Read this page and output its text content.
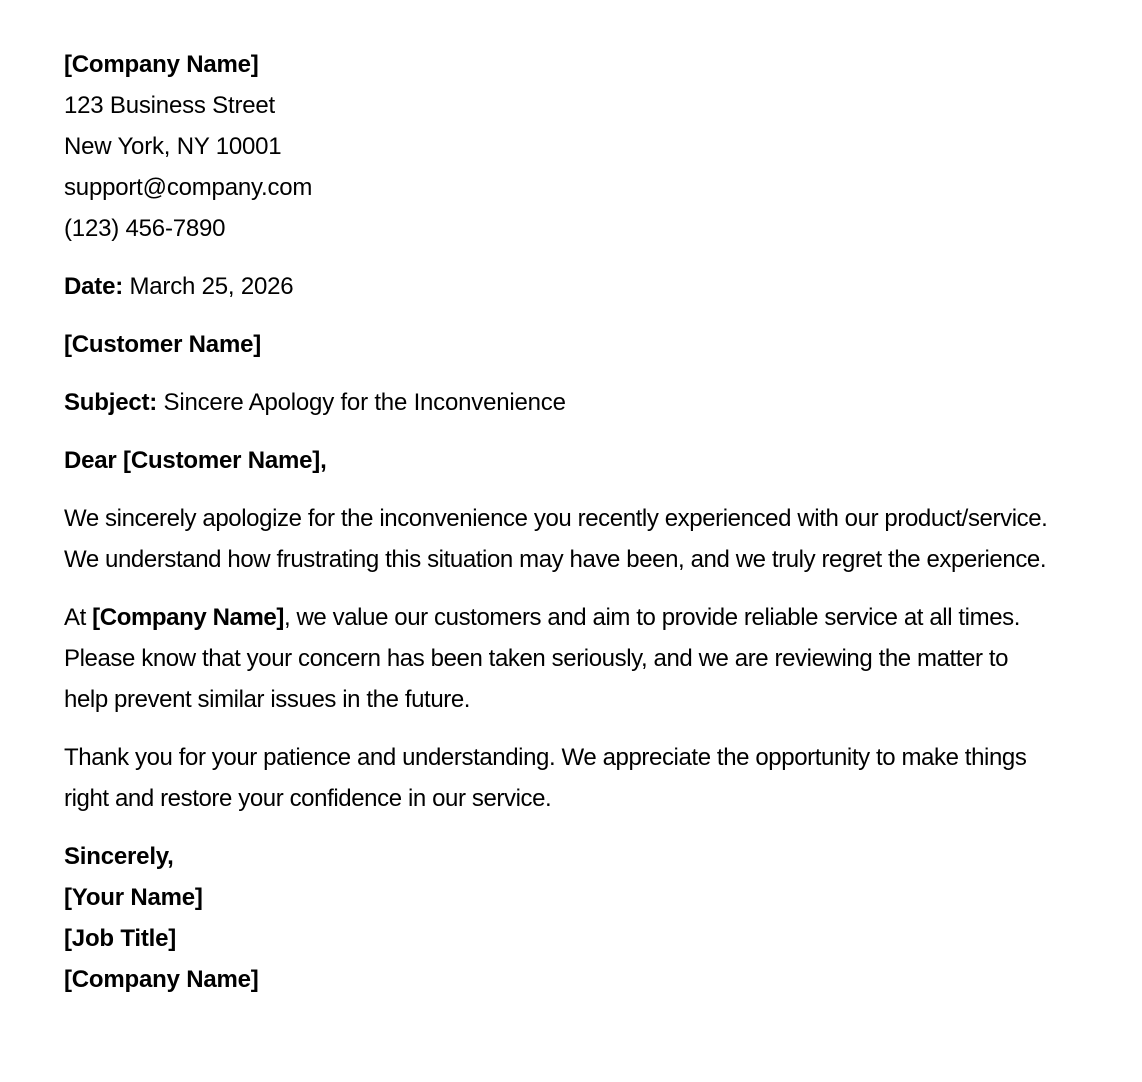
[Company Name]
123 Business Street
New York, NY 10001
support@company.com
(123) 456-7890
Date: March 25, 2026
[Customer Name]
Subject: Sincere Apology for the Inconvenience
Dear [Customer Name],
We sincerely apologize for the inconvenience you recently experienced with our product/service. We understand how frustrating this situation may have been, and we truly regret the experience.
At [Company Name], we value our customers and aim to provide reliable service at all times. Please know that your concern has been taken seriously, and we are reviewing the matter to help prevent similar issues in the future.
Thank you for your patience and understanding. We appreciate the opportunity to make things right and restore your confidence in our service.
Sincerely,
[Your Name]
[Job Title]
[Company Name]
